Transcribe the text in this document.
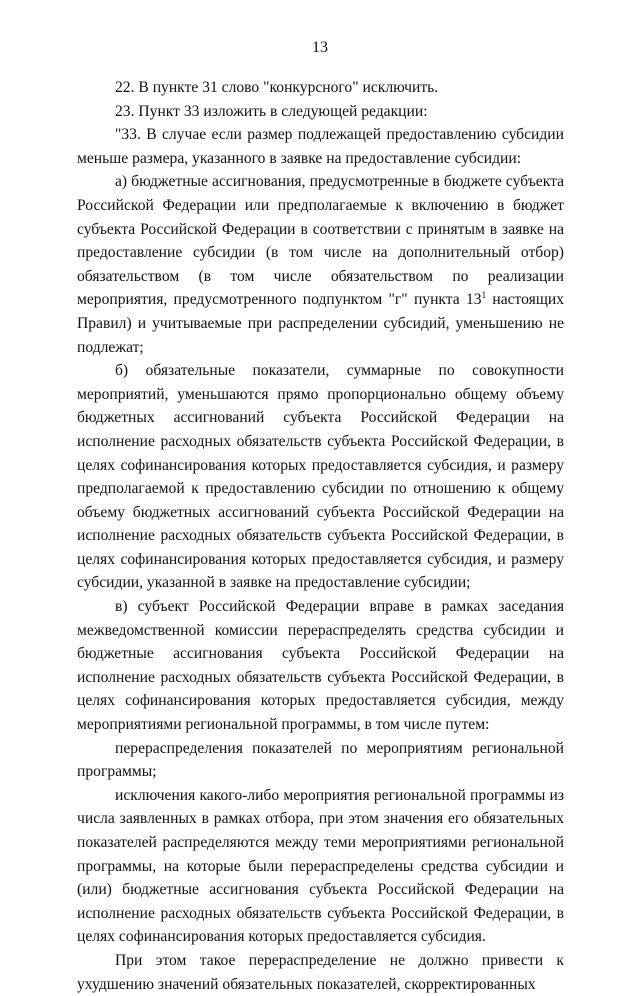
13

22. В пункте 31 слово "конкурсного" исключить.

23. Пункт 33 изложить в следующей редакции:

"33. В случае если размер подлежащей предоставлению субсидии меньше размера, указанного в заявке на предоставление субсидии:

а) бюджетные ассигнования, предусмотренные в бюджете субъекта Российской Федерации или предполагаемые к включению в бюджет субъекта Российской Федерации в соответствии с принятым в заявке на предоставление субсидии (в том числе на дополнительный отбор) обязательством (в том числе обязательством по реализации мероприятия, предусмотренного подпунктом "г" пункта $13^1$ настоящих Правил) и учитываемые при распределении субсидий, уменьшению не подлежат;

б) обязательные показатели, суммарные по совокупности мероприятий, уменьшаются прямо пропорционально общему объему бюджетных ассигнований субъекта Российской Федерации на исполнение расходных обязательств субъекта Российской Федерации, в целях софинансирования которых предоставляется субсидия, и размеру предполагаемой к предоставлению субсидии по отношению к общему объему бюджетных ассигнований субъекта Российской Федерации на исполнение расходных обязательств субъекта Российской Федерации, в целях софинансирования которых предоставляется субсидия, и размеру субсидии, указанной в заявке на предоставление субсидии;

в) субъект Российской Федерации вправе в рамках заседания межведомственной комиссии перераспределять средства субсидии и бюджетные ассигнования субъекта Российской Федерации на исполнение расходных обязательств субъекта Российской Федерации, в целях софинансирования которых предоставляется субсидия, между мероприятиями региональной программы, в том числе путем:

перераспределения показателей по мероприятиям региональной программы;

исключения какого-либо мероприятия региональной программы из числа заявленных в рамках отбора, при этом значения его обязательных показателей распределяются между теми мероприятиями региональной программы, на которые были перераспределены средства субсидии и (или) бюджетные ассигнования субъекта Российской Федерации на исполнение расходных обязательств субъекта Российской Федерации, в целях софинансирования которых предоставляется субсидия.

При этом такое перераспределение не должно привести к ухудшению значений обязательных показателей, скорректированных
